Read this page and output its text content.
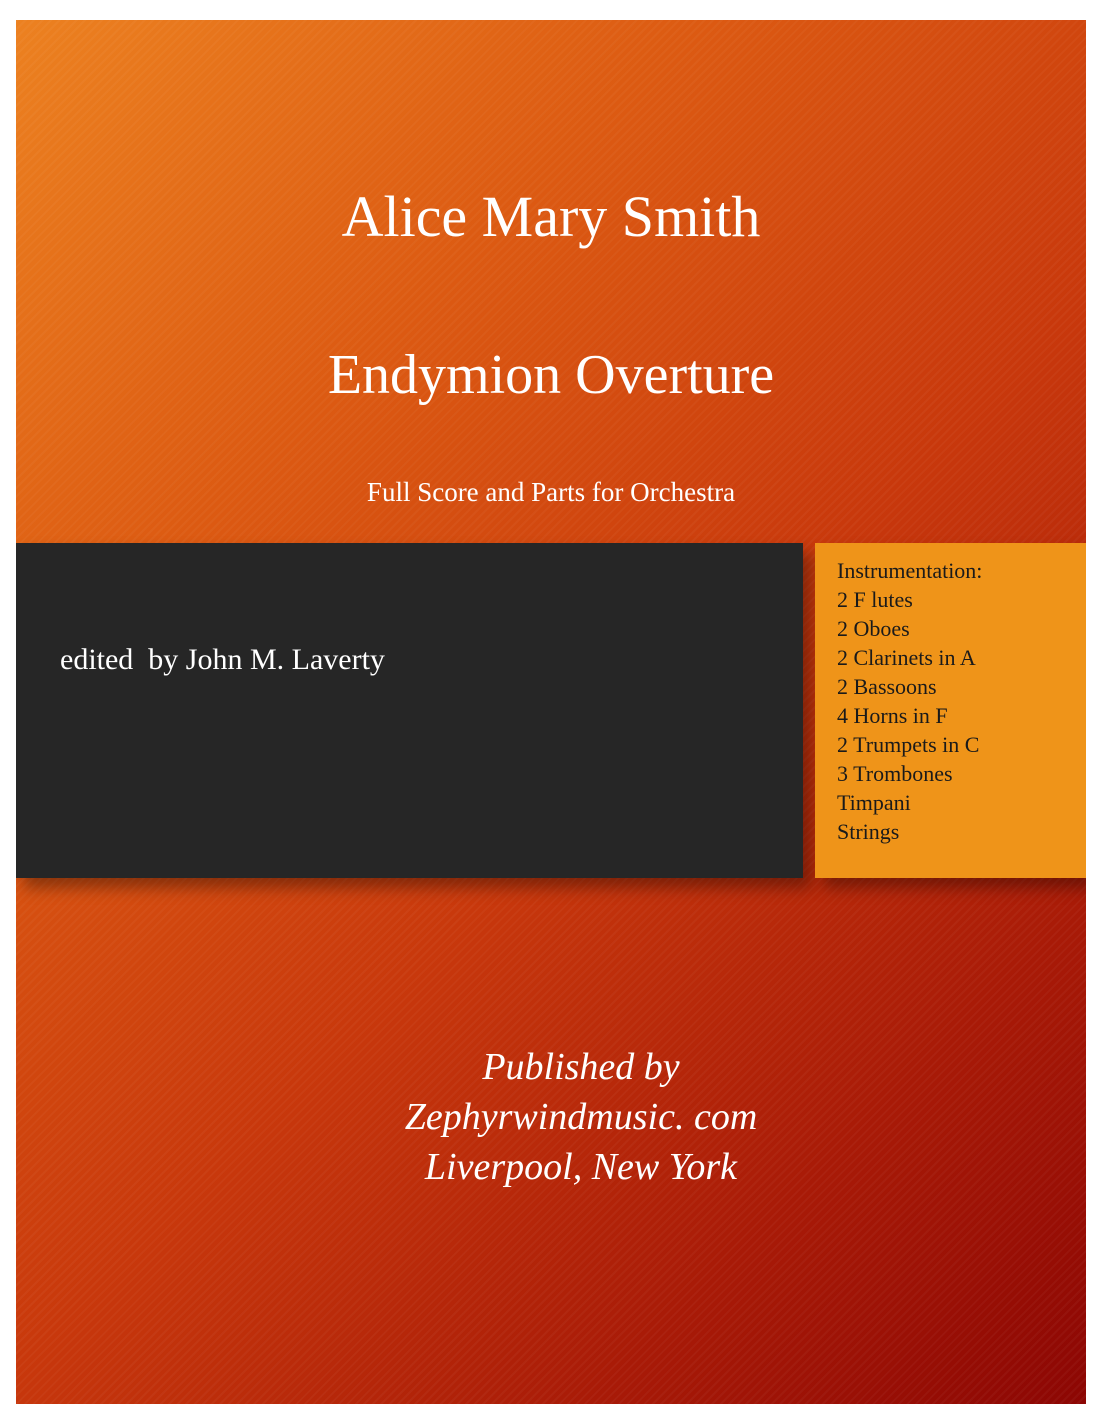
Alice Mary Smith
Endymion Overture
Full Score and Parts for Orchestra
edited  by John M. Laverty
Instrumentation:
2 F lutes
2 Oboes
2 Clarinets in A
2 Bassoons
4 Horns in F
2 Trumpets in C
3 Trombones
Timpani
Strings
Published by
Zephyrwindmusic. com
Liverpool, New York
